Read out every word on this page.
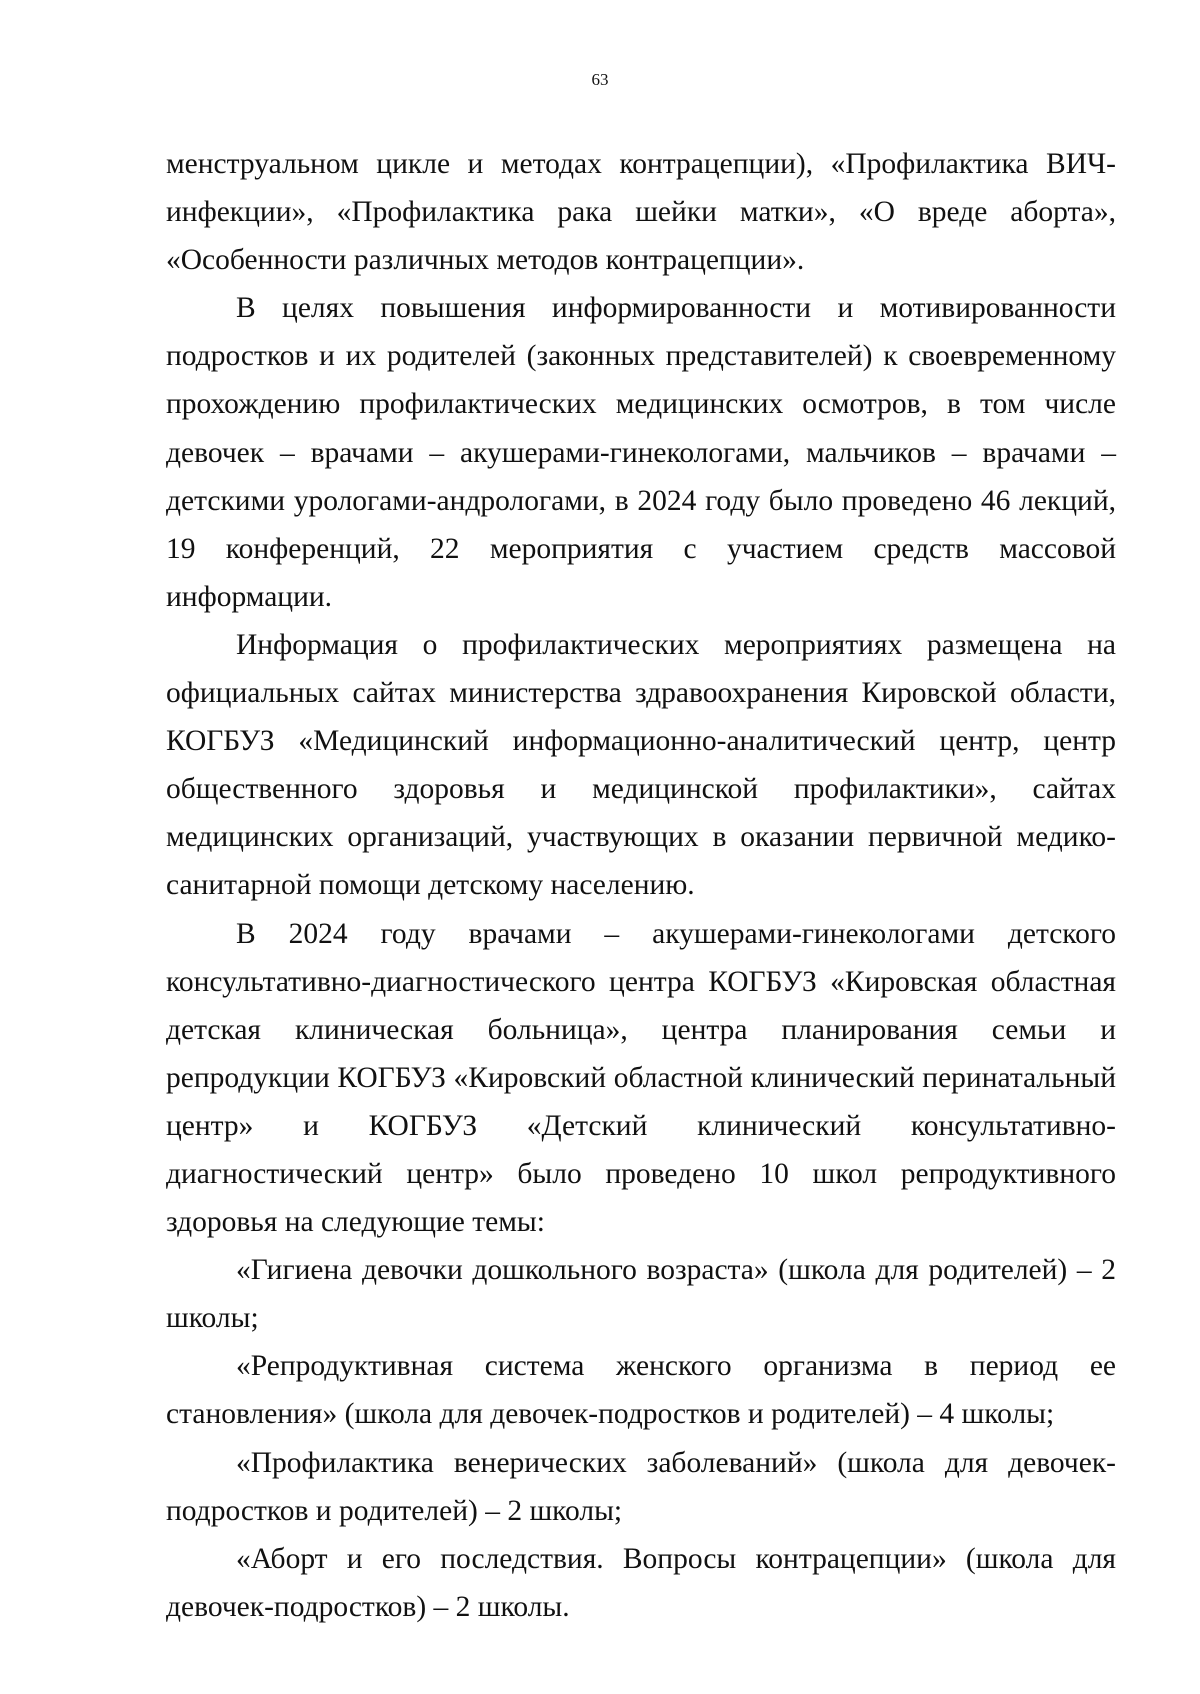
63

менструальном цикле и методах контрацепции), «Профилактика ВИЧ-инфекции», «Профилактика рака шейки матки», «О вреде аборта», «Особенности различных методов контрацепции».

В целях повышения информированности и мотивированности подростков и их родителей (законных представителей) к своевременному прохождению профилактических медицинских осмотров, в том числе девочек – врачами – акушерами-гинекологами, мальчиков – врачами – детскими урологами-андрологами, в 2024 году было проведено 46 лекций, 19 конференций, 22 мероприятия с участием средств массовой информации.

Информация о профилактических мероприятиях размещена на официальных сайтах министерства здравоохранения Кировской области, КОГБУЗ «Медицинский информационно-аналитический центр, центр общественного здоровья и медицинской профилактики», сайтах медицинских организаций, участвующих в оказании первичной медико-санитарной помощи детскому населению.

В 2024 году врачами – акушерами-гинекологами детского консультативно-диагностического центра КОГБУЗ «Кировская областная детская клиническая больница», центра планирования семьи и репродукции КОГБУЗ «Кировский областной клинический перинатальный центр» и КОГБУЗ «Детский клинический консультативно-диагностический центр» было проведено 10 школ репродуктивного здоровья на следующие темы:

«Гигиена девочки дошкольного возраста» (школа для родителей) – 2 школы;

«Репродуктивная система женского организма в период ее становления» (школа для девочек-подростков и родителей) – 4 школы;

«Профилактика венерических заболеваний» (школа для девочек-подростков и родителей) – 2 школы;

«Аборт и его последствия. Вопросы контрацепции» (школа для девочек-подростков) – 2 школы.
